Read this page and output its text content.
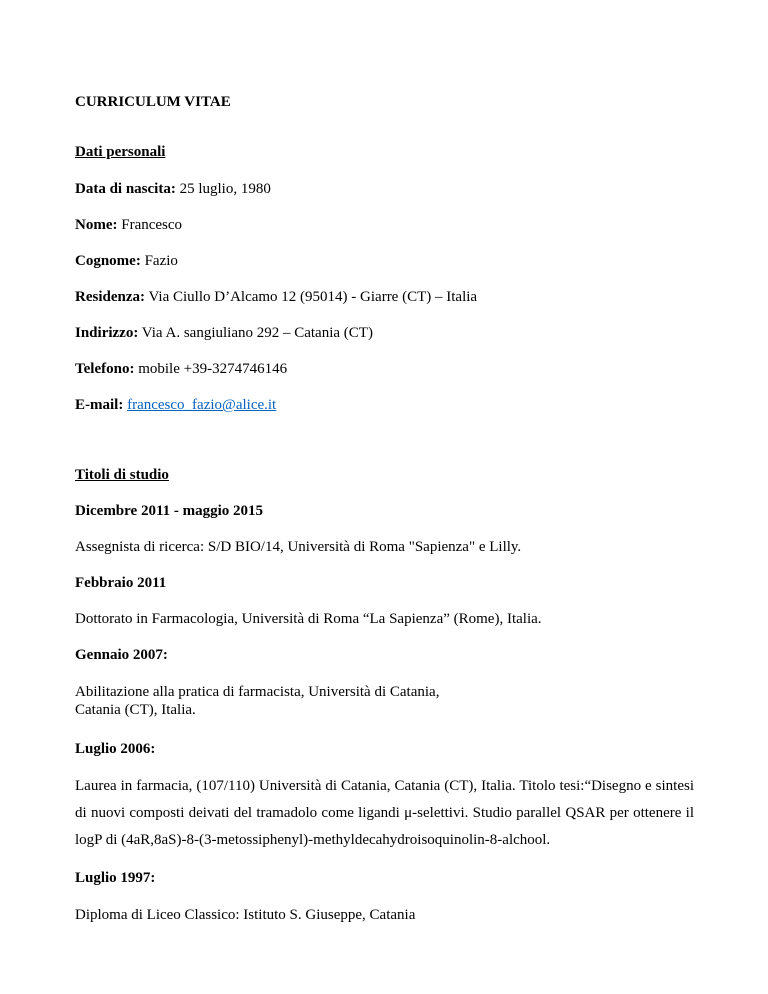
CURRICULUM VITAE
Dati personali
Data di nascita: 25 luglio, 1980
Nome: Francesco
Cognome: Fazio
Residenza: Via Ciullo D’Alcamo 12 (95014) - Giarre (CT) – Italia
Indirizzo: Via A. sangiuliano 292 – Catania (CT)
Telefono: mobile +39-3274746146
E-mail: francesco_fazio@alice.it
Titoli di studio
Dicembre 2011 - maggio 2015
Assegnista di ricerca: S/D BIO/14, Università di Roma "Sapienza" e Lilly.
Febbraio 2011
Dottorato in Farmacologia, Università di Roma “La Sapienza” (Rome), Italia.
Gennaio 2007:
Abilitazione alla pratica di farmacista, Università di Catania,
Catania (CT), Italia.
Luglio 2006:
Laurea in farmacia, (107/110) Università di Catania, Catania (CT), Italia. Titolo tesi:“Disegno e sintesi
di nuovi composti deivati del tramadolo come ligandi μ-selettivi. Studio parallel QSAR per ottenere il
logP di (4aR,8aS)-8-(3-metossiphenyl)-methyldecahydroisoquinolin-8-alchool.
Luglio 1997:
Diploma di Liceo Classico: Istituto S. Giuseppe, Catania
